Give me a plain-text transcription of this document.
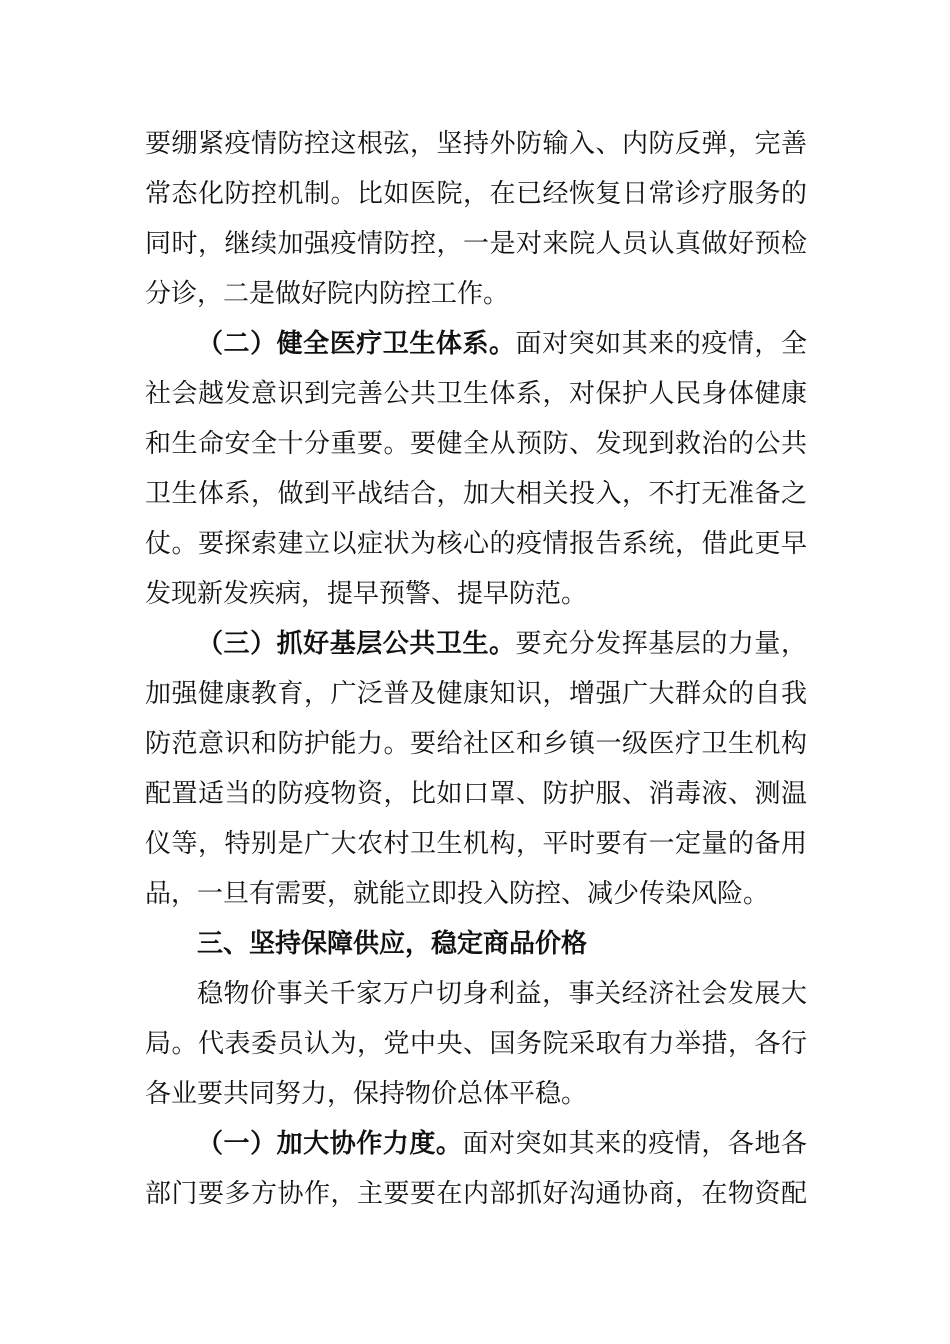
要绷紧疫情防控这根弦，坚持外防输入、内防反弹，完善
常态化防控机制。比如医院，在已经恢复日常诊疗服务的
同时，继续加强疫情防控，一是对来院人员认真做好预检
分诊，二是做好院内防控工作。
（二）健全医疗卫生体系。面对突如其来的疫情，全
社会越发意识到完善公共卫生体系，对保护人民身体健康
和生命安全十分重要。要健全从预防、发现到救治的公共
卫生体系，做到平战结合，加大相关投入，不打无准备之
仗。要探索建立以症状为核心的疫情报告系统，借此更早
发现新发疾病，提早预警、提早防范。
（三）抓好基层公共卫生。要充分发挥基层的力量，
加强健康教育，广泛普及健康知识，增强广大群众的自我
防范意识和防护能力。要给社区和乡镇一级医疗卫生机构
配置适当的防疫物资，比如口罩、防护服、消毒液、测温
仪等，特别是广大农村卫生机构，平时要有一定量的备用
品，一旦有需要，就能立即投入防控、减少传染风险。
三、坚持保障供应，稳定商品价格
稳物价事关千家万户切身利益，事关经济社会发展大
局。代表委员认为，党中央、国务院采取有力举措，各行
各业要共同努力，保持物价总体平稳。
（一）加大协作力度。面对突如其来的疫情，各地各
部门要多方协作，主要要在内部抓好沟通协商，在物资配
